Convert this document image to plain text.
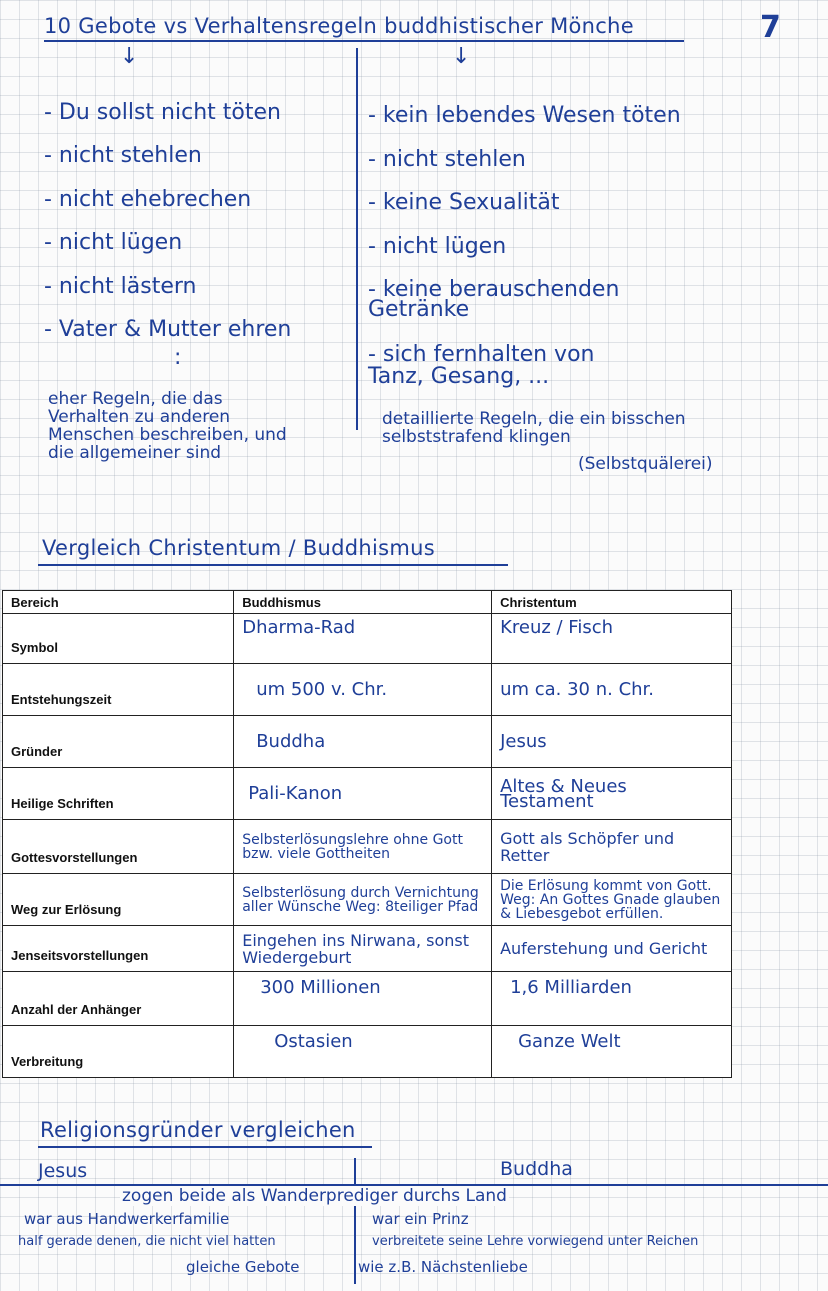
7
10 Gebote vs Verhaltensregeln buddhistischer Mönche
↓	↓
- Du sollst nicht töten
- nicht stehlen
- nicht ehebrechen
- nicht lügen
- nicht lästern
- Vater & Mutter ehren
:
eher Regeln, die das Verhalten zu anderen Menschen beschreiben, und die allgemeiner sind
- kein lebendes Wesen töten
- nicht stehlen
- keine Sexualität
- nicht lügen
- keine berauschenden Getränke
- sich fernhalten von Tanz, Gesang, ...
detaillierte Regeln, die ein bisschen selbststrafend klingen
(Selbstquälerei)
Vergleich Christentum / Buddhismus
Bereich	Buddhismus	Christentum
Symbol	Dharma-Rad	Kreuz / Fisch
Entstehungszeit	um 500 v. Chr.	um ca. 30 n. Chr.
Gründer	Buddha	Jesus
Heilige Schriften	Pali-Kanon	Altes & Neues Testament
Gottesvorstellungen	Selbsterlösungslehre ohne Gott bzw. viele Gottheiten	Gott als Schöpfer und Retter
Weg zur Erlösung	Selbsterlösung durch Vernichtung aller Wünsche Weg: 8teiliger Pfad	Die Erlösung kommt von Gott. Weg: An Gottes Gnade glauben & Liebesgebot erfüllen.
Jenseitsvorstellungen	Eingehen ins Nirwana, sonst Wiedergeburt	Auferstehung und Gericht
Anzahl der Anhänger	300 Millionen	1,6 Milliarden
Verbreitung	Ostasien	Ganze Welt
Religionsgründer vergleichen
Jesus	Buddha
zogen beide als Wanderprediger durchs Land
war aus Handwerkerfamilie	war ein Prinz
half gerade denen, die nicht viel hatten	verbreitete seine Lehre vorwiegend unter Reichen
gleiche Gebote	wie z.B. Nächstenliebe
